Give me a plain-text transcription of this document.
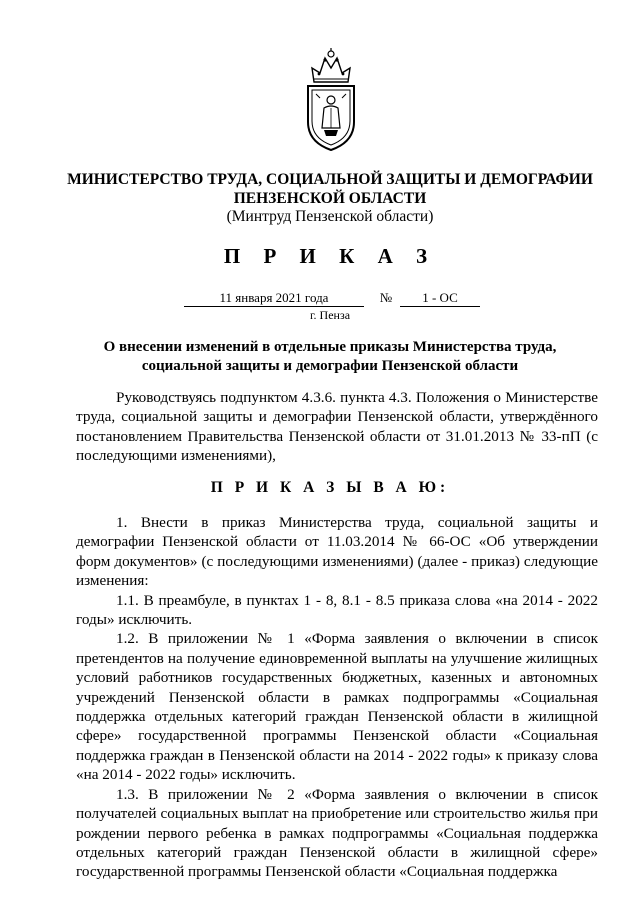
МИНИСТЕРСТВО ТРУДА, СОЦИАЛЬНОЙ ЗАЩИТЫ И ДЕМОГРАФИИ
ПЕНЗЕНСКОЙ ОБЛАСТИ
(Минтруд Пензенской области)
П Р И К А З
11 января 2021 года	№	1 - ОС
г. Пенза
О внесении изменений в отдельные приказы Министерства труда, социальной защиты и демографии Пензенской области

Руководствуясь подпунктом 4.3.6. пункта 4.3. Положения о Министерстве труда, социальной защиты и демографии Пензенской области, утверждённого постановлением Правительства Пензенской области от 31.01.2013 № 33-пП (с последующими изменениями),

П Р И К А З Ы В А Ю:

1. Внести в приказ Министерства труда, социальной защиты и демографии Пензенской области от 11.03.2014 № 66-ОС «Об утверждении форм документов» (с последующими изменениями) (далее - приказ) следующие изменения:

1.1. В преамбуле, в пунктах 1 - 8, 8.1 - 8.5 приказа слова «на 2014 - 2022 годы» исключить.

1.2. В приложении № 1 «Форма заявления о включении в список претендентов на получение единовременной выплаты на улучшение жилищных условий работников государственных бюджетных, казенных и автономных учреждений Пензенской области в рамках подпрограммы «Социальная поддержка отдельных категорий граждан Пензенской области в жилищной сфере» государственной программы Пензенской области «Социальная поддержка граждан в Пензенской области на 2014 - 2022 годы» к приказу слова «на 2014 - 2022 годы» исключить.

1.3. В приложении № 2 «Форма заявления о включении в список получателей социальных выплат на приобретение или строительство жилья при рождении первого ребенка в рамках подпрограммы «Социальная поддержка отдельных категорий граждан Пензенской области в жилищной сфере» государственной программы Пензенской области «Социальная поддержка
